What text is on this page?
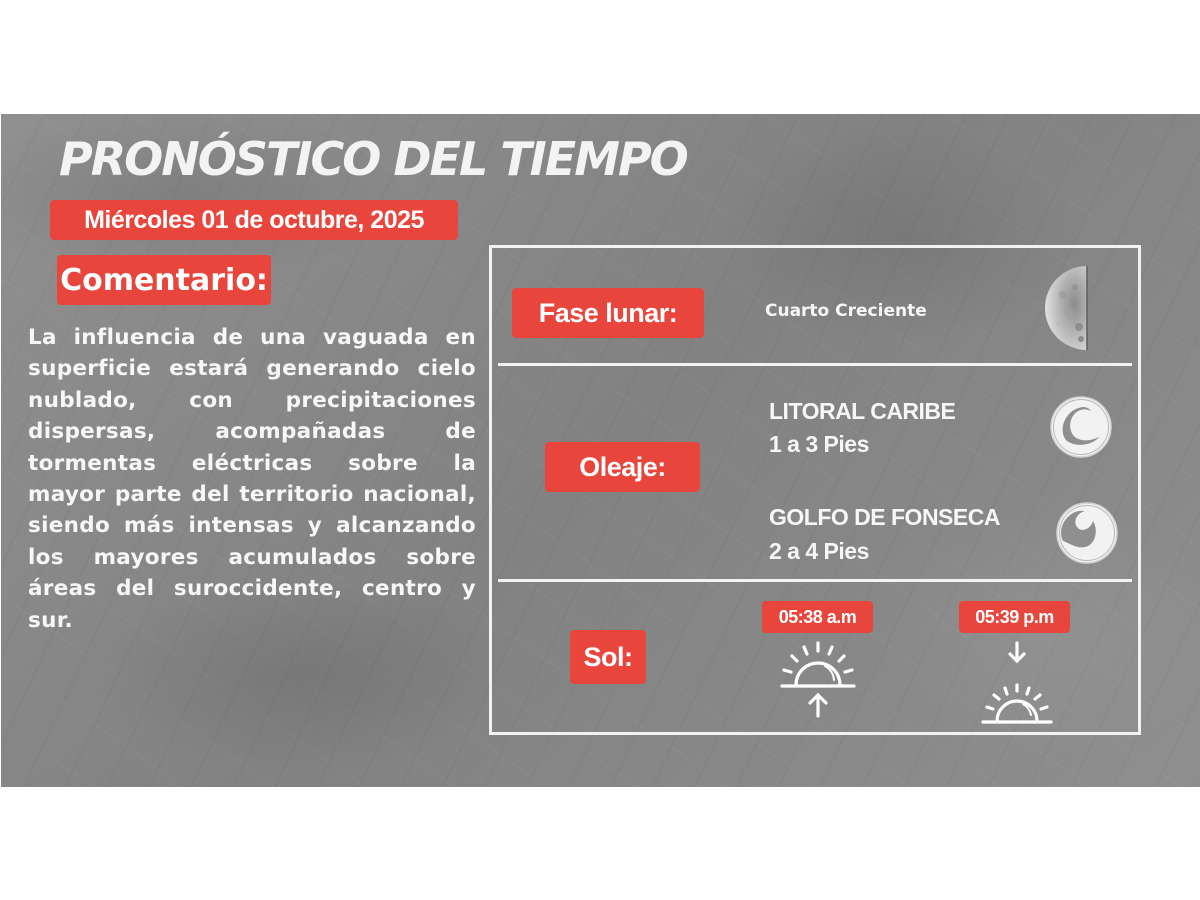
PRONÓSTICO DEL TIEMPO
Miércoles 01 de octubre, 2025
Comentario:

La influencia de una vaguada en superficie estará generando cielo nublado, con precipitaciones dispersas, acompañadas de tormentas eléctricas sobre la mayor parte del territorio nacional, siendo más intensas y alcanzando los mayores acumulados sobre áreas del suroccidente, centro y sur.

Fase lunar:	Cuarto Creciente
Oleaje:
LITORAL CARIBE
1 a 3 Pies
GOLFO DE FONSECA
2 a 4 Pies
Sol:
05:38 a.m	05:39 p.m
